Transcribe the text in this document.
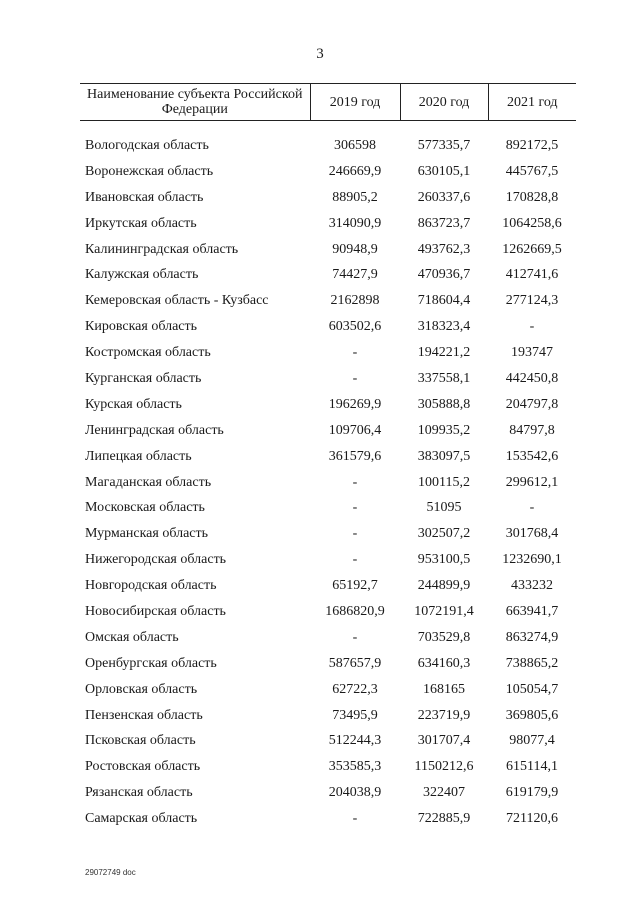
3
Наименование субъекта Российской Федерации	2019 год	2020 год	2021 год

Вологодская область	306598	577335,7	892172,5
Воронежская область	246669,9	630105,1	445767,5
Ивановская область	88905,2	260337,6	170828,8
Иркутская область	314090,9	863723,7	1064258,6
Калининградская область	90948,9	493762,3	1262669,5
Калужская область	74427,9	470936,7	412741,6
Кемеровская область - Кузбасс	2162898	718604,4	277124,3
Кировская область	603502,6	318323,4	-
Костромская область	-	194221,2	193747
Курганская область	-	337558,1	442450,8
Курская область	196269,9	305888,8	204797,8
Ленинградская область	109706,4	109935,2	84797,8
Липецкая область	361579,6	383097,5	153542,6
Магаданская область	-	100115,2	299612,1
Московская область	-	51095	-
Мурманская область	-	302507,2	301768,4
Нижегородская область	-	953100,5	1232690,1
Новгородская область	65192,7	244899,9	433232
Новосибирская область	1686820,9	1072191,4	663941,7
Омская область	-	703529,8	863274,9
Оренбургская область	587657,9	634160,3	738865,2
Орловская область	62722,3	168165	105054,7
Пензенская область	73495,9	223719,9	369805,6
Псковская область	512244,3	301707,4	98077,4
Ростовская область	353585,3	1150212,6	615114,1
Рязанская область	204038,9	322407	619179,9
Самарская область	-	722885,9	721120,6
29072749 doc
